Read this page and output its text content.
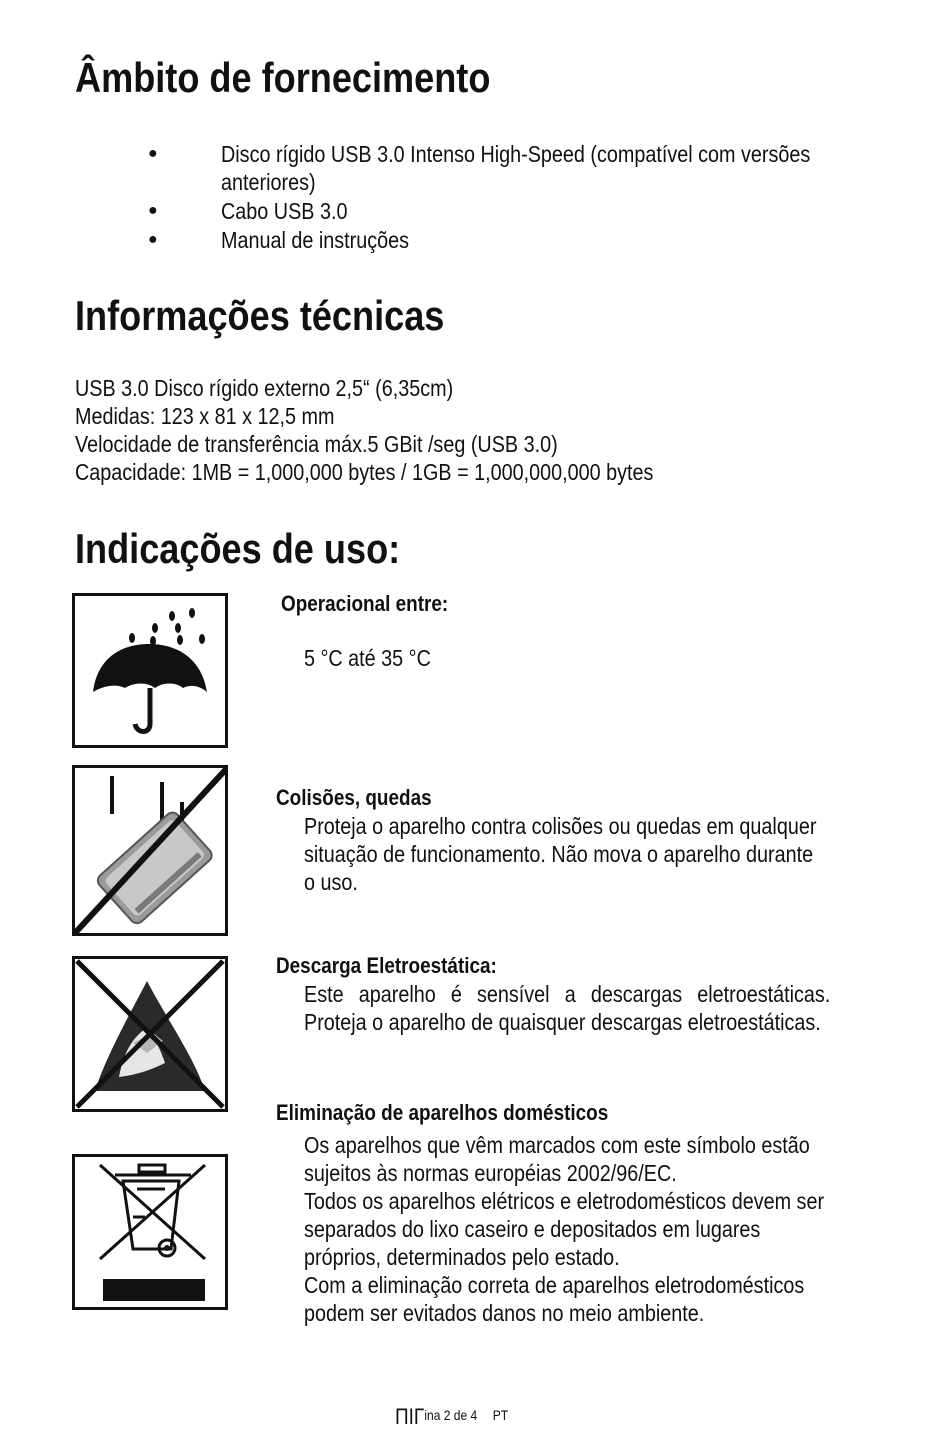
Âmbito de fornecimento
●	Disco rígido USB 3.0 Intenso High-Speed (compatível com versões
anteriores)
●	Cabo USB 3.0
●	Manual de instruções
Informações técnicas
USB 3.0 Disco rígido externo 2,5“ (6,35cm)
Medidas: 123 x 81 x 12,5 mm
Velocidade de transferência máx.5 GBit /seg (USB 3.0)
Capacidade: 1MB = 1,000,000 bytes / 1GB = 1,000,000,000 bytes
Indicações de uso:
Operacional entre:
5 °C até 35 °C
Colisões, quedas
Proteja o aparelho contra colisões ou quedas em qualquer
situação de funcionamento. Não mova o aparelho durante
o uso.
Descarga Eletroestática:
Este aparelho é sensível a descargas eletroestáticas.
Proteja o aparelho de quaisquer descargas eletroestáticas.
Eliminação de aparelhos domésticos
Os aparelhos que vêm marcados com este símbolo estão
sujeitos às normas européias 2002/96/EC.
Todos os aparelhos elétricos e eletrodomésticos devem ser
separados do lixo caseiro e depositados em lugares
próprios, determinados pelo estado.
Com a eliminação correta de aparelhos eletrodomésticos
podem ser evitados danos no meio ambiente.
ΠΙΓina 2 de 4 PT
